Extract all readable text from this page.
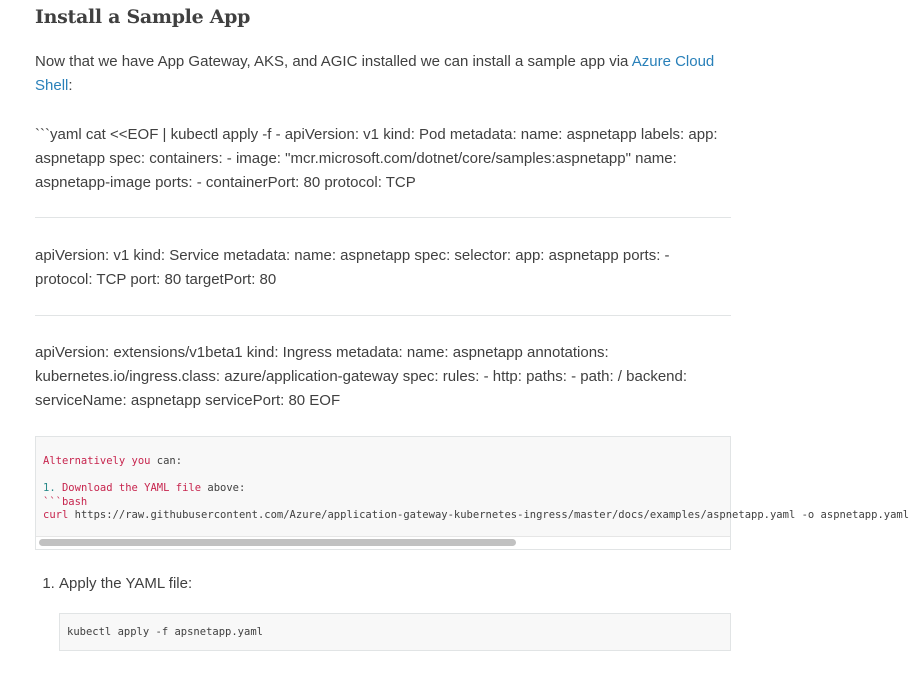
Install a Sample App

Now that we have App Gateway, AKS, and AGIC installed we can install a sample app via Azure Cloud Shell:

```yaml cat <<EOF | kubectl apply -f - apiVersion: v1 kind: Pod metadata: name: aspnetapp labels: app: aspnetapp spec: containers: - image: "mcr.microsoft.com/dotnet/core/samples:aspnetapp" name: aspnetapp-image ports: - containerPort: 80 protocol: TCP

apiVersion: v1 kind: Service metadata: name: aspnetapp spec: selector: app: aspnetapp ports: - protocol: TCP port: 80 targetPort: 80

apiVersion: extensions/v1beta1 kind: Ingress metadata: name: aspnetapp annotations: kubernetes.io/ingress.class: azure/application-gateway spec: rules: - http: paths: - path: / backend: serviceName: aspnetapp servicePort: 80 EOF

Alternatively you can:

1. Download the YAML file above:
```bash
curl https://raw.githubusercontent.com/Azure/application-gateway-kubernetes-ingress/master/docs/examples/aspnetapp.yaml -o aspnetapp.yaml
1. Apply the YAML file:
kubectl apply -f apsnetapp.yaml
